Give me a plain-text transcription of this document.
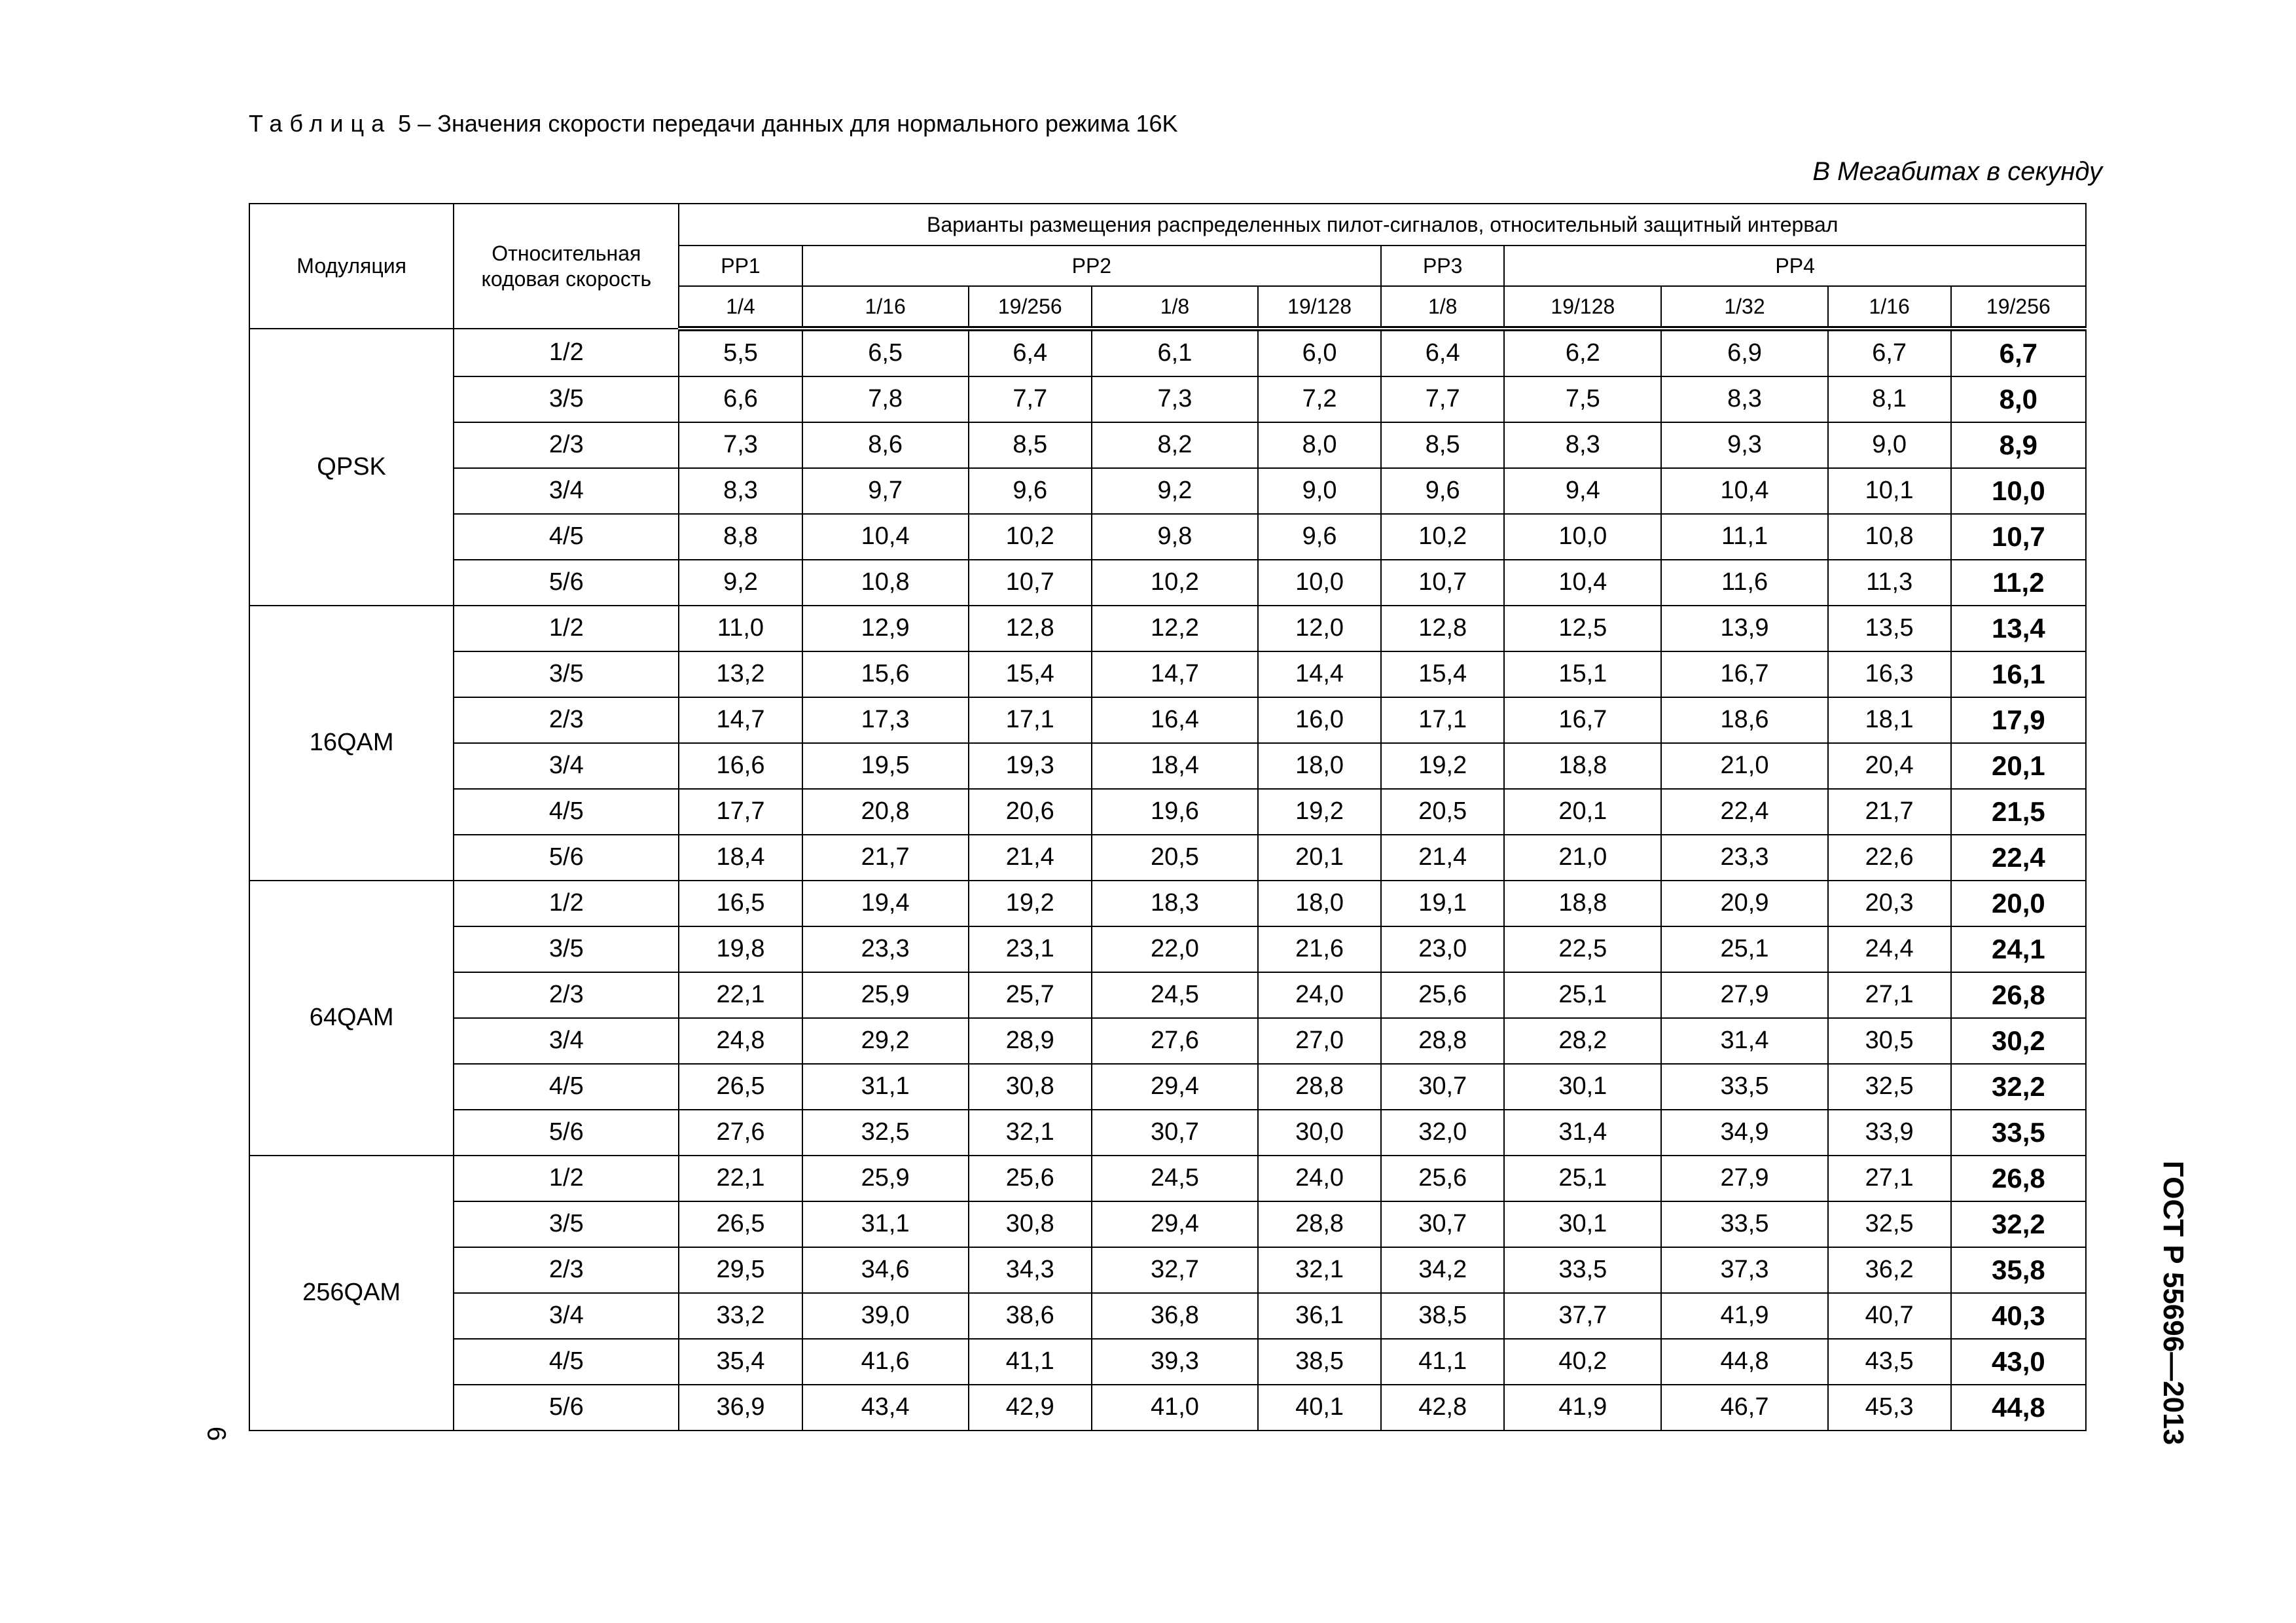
Таблица 5 – Значения скорости передачи данных для нормального режима 16K
В Мегабитах в секунду
Модуляция	Относительная кодовая скорость	Варианты размещения распределенных пилот-сигналов, относительный защитный интервал									
		PP1	PP2				PP3	PP4			
		1/4	1/16	19/256	1/8	19/128	1/8	19/128	1/32	1/16	19/256
QPSK	1/2	5,5	6,5	6,4	6,1	6,0	6,4	6,2	6,9	6,7	6,7
	3/5	6,6	7,8	7,7	7,3	7,2	7,7	7,5	8,3	8,1	8,0
	2/3	7,3	8,6	8,5	8,2	8,0	8,5	8,3	9,3	9,0	8,9
	3/4	8,3	9,7	9,6	9,2	9,0	9,6	9,4	10,4	10,1	10,0
	4/5	8,8	10,4	10,2	9,8	9,6	10,2	10,0	11,1	10,8	10,7
	5/6	9,2	10,8	10,7	10,2	10,0	10,7	10,4	11,6	11,3	11,2
16QAM	1/2	11,0	12,9	12,8	12,2	12,0	12,8	12,5	13,9	13,5	13,4
	3/5	13,2	15,6	15,4	14,7	14,4	15,4	15,1	16,7	16,3	16,1
	2/3	14,7	17,3	17,1	16,4	16,0	17,1	16,7	18,6	18,1	17,9
	3/4	16,6	19,5	19,3	18,4	18,0	19,2	18,8	21,0	20,4	20,1
	4/5	17,7	20,8	20,6	19,6	19,2	20,5	20,1	22,4	21,7	21,5
	5/6	18,4	21,7	21,4	20,5	20,1	21,4	21,0	23,3	22,6	22,4
64QAM	1/2	16,5	19,4	19,2	18,3	18,0	19,1	18,8	20,9	20,3	20,0
	3/5	19,8	23,3	23,1	22,0	21,6	23,0	22,5	25,1	24,4	24,1
	2/3	22,1	25,9	25,7	24,5	24,0	25,6	25,1	27,9	27,1	26,8
	3/4	24,8	29,2	28,9	27,6	27,0	28,8	28,2	31,4	30,5	30,2
	4/5	26,5	31,1	30,8	29,4	28,8	30,7	30,1	33,5	32,5	32,2
	5/6	27,6	32,5	32,1	30,7	30,0	32,0	31,4	34,9	33,9	33,5
256QAM	1/2	22,1	25,9	25,6	24,5	24,0	25,6	25,1	27,9	27,1	26,8
	3/5	26,5	31,1	30,8	29,4	28,8	30,7	30,1	33,5	32,5	32,2
	2/3	29,5	34,6	34,3	32,7	32,1	34,2	33,5	37,3	36,2	35,8
	3/4	33,2	39,0	38,6	36,8	36,1	38,5	37,7	41,9	40,7	40,3
	4/5	35,4	41,6	41,1	39,3	38,5	41,1	40,2	44,8	43,5	43,0
	5/6	36,9	43,4	42,9	41,0	40,1	42,8	41,9	46,7	45,3	44,8	ГОСТ Р 55696—2013
6
